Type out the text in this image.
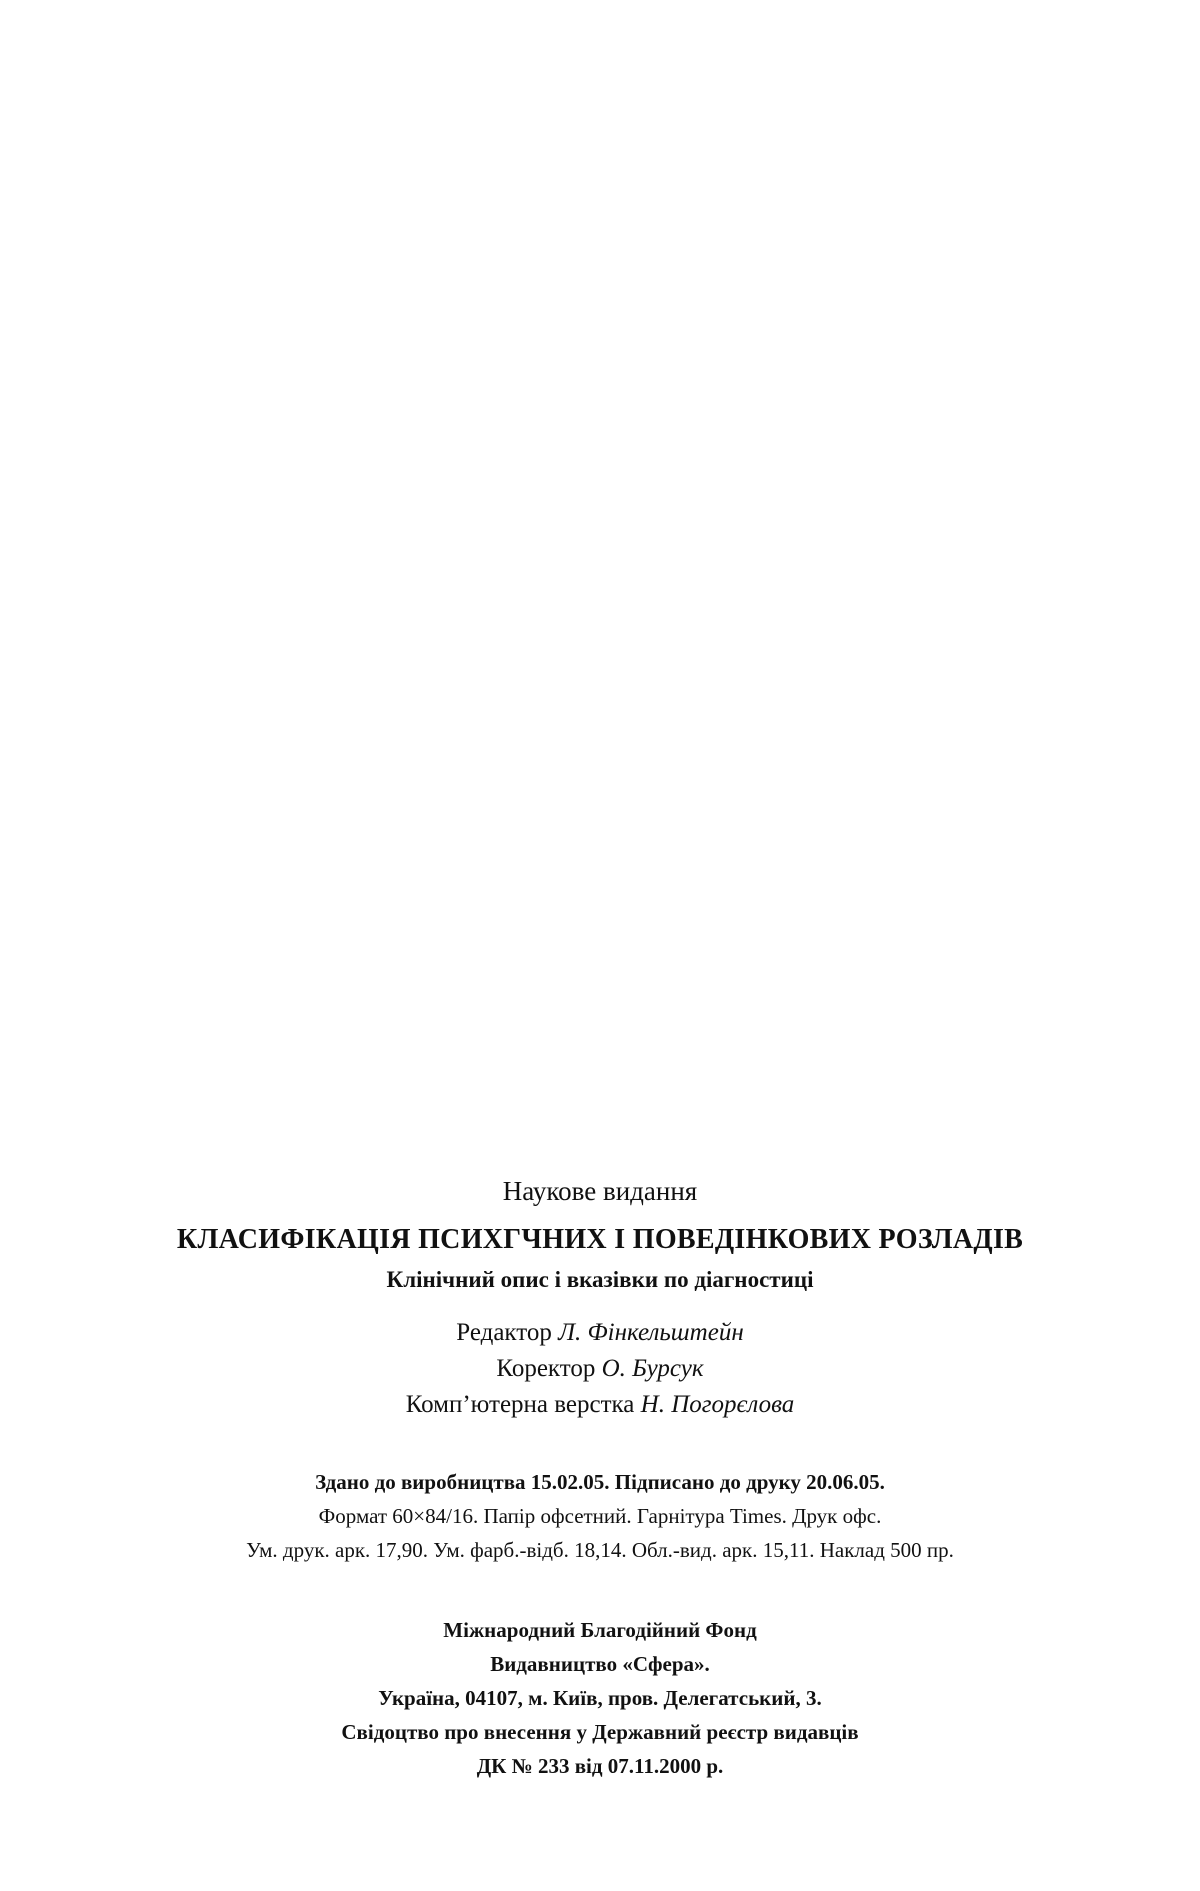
Наукове видання

КЛАСИФІКАЦІЯ ПСИХГЧНИХ І ПОВЕДІНКОВИХ РОЗЛАДІВ

Клінічний опис і вказівки по діагностиці

Редактор Л. Фінкельштейн
Коректор О. Бурсук
Комп’ютерна верстка Н. Погорєлова
Здано до виробництва 15.02.05. Підписано до друку 20.06.05.
Формат 60×84/16. Папір офсетний. Гарнітура Times. Друк офс.
Ум. друк. арк. 17,90. Ум. фарб.-відб. 18,14. Обл.-вид. арк. 15,11. Наклад 500 пр.
Міжнародний Благодійний Фонд
Видавництво «Сфера».
Україна, 04107, м. Київ, пров. Делегатський, 3.
Свідоцтво про внесення у Державний реєстр видавців
ДК № 233 від 07.11.2000 р.
